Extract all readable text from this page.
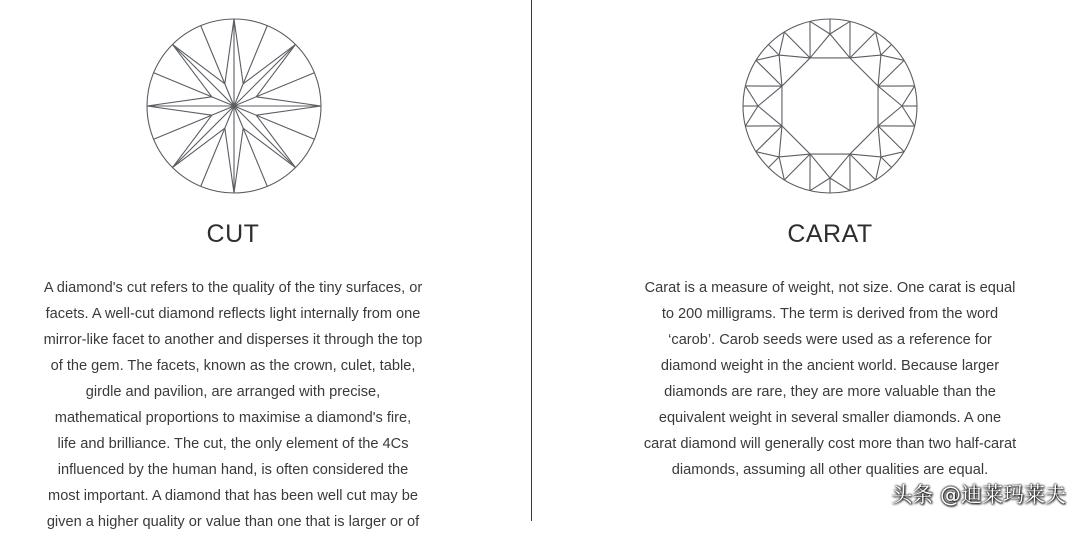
CUT

A diamond's cut refers to the quality of the tiny surfaces, or
facets. A well-cut diamond reflects light internally from one
mirror-like facet to another and disperses it through the top
of the gem. The facets, known as the crown, culet, table,
girdle and pavilion, are arranged with precise,
mathematical proportions to maximise a diamond's fire,
life and brilliance. The cut, the only element of the 4Cs
influenced by the human hand, is often considered the
most important. A diamond that has been well cut may be
given a higher quality or value than one that is larger or of

CARAT

Carat is a measure of weight, not size. One carat is equal
to 200 milligrams. The term is derived from the word
‘carob’. Carob seeds were used as a reference for
diamond weight in the ancient world. Because larger
diamonds are rare, they are more valuable than the
equivalent weight in several smaller diamonds. A one
carat diamond will generally cost more than two half-carat
diamonds, assuming all other qualities are equal.

头条 @迪莱玛莱夫
